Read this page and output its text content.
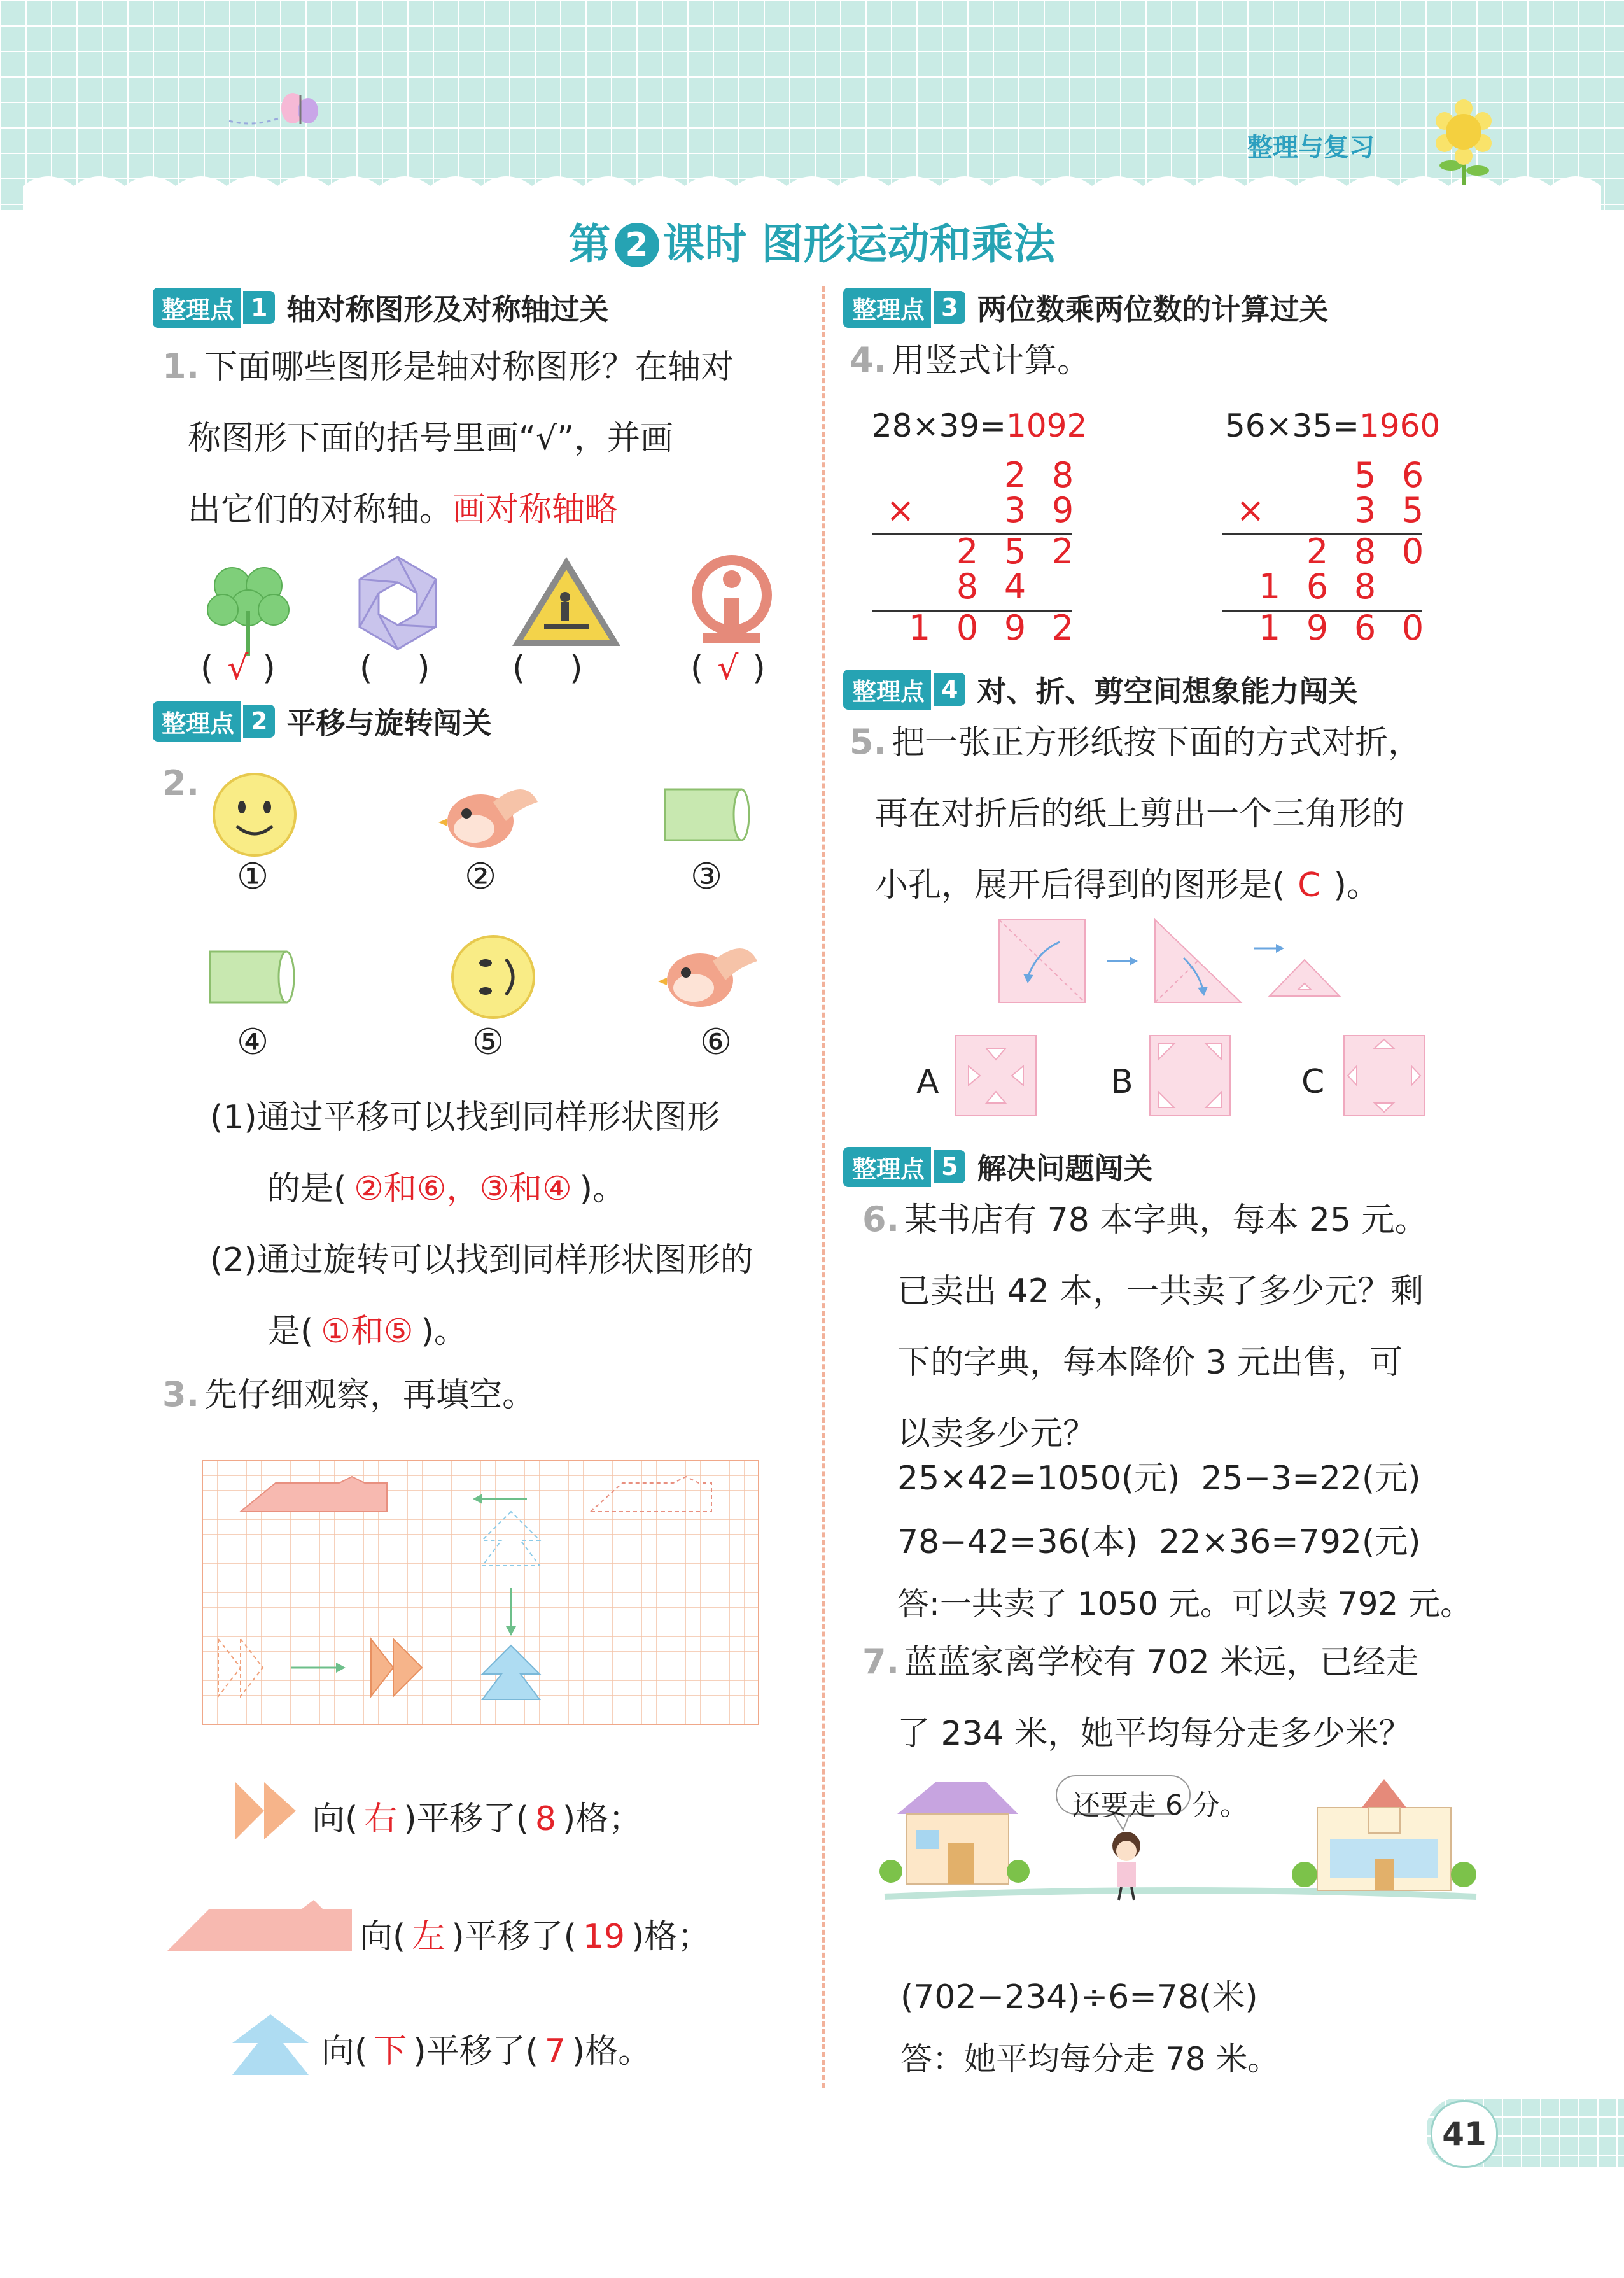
整理与复习
第 2 课时 图形运动和乘法
整理点 1 轴对称图形及对称轴过关
整理点 2 平移与旋转闯关
整理点 3 两位数乘两位数的计算过关
整理点 4 对、折、剪空间想象能力闯关
整理点 5 解决问题闯关
1. 下面哪些图形是轴对称图形？在轴对
称图形下面的括号里画“√”，并画
出它们的对称轴。画对称轴略
( √ )	( ) ( )	( √ )
2.
①	②	③
④	⑤	⑥
(1)通过平移可以找到同样形状图形
的是( ②和⑥，③和④ )。
(2)通过旋转可以找到同样形状图形的
是( ①和⑤ )。
3. 先仔细观察，再填空。
向( 右 )平移了( 8 )格；
向( 左 )平移了( 19 )格；
向( 下 )平移了( 7 )格。
4. 用竖式计算。
28×39=1092	56×35=1960
2 8
×	3 9
2 5 2
8 4
1 0 9 2
5 6
×	3 5
2 8 0
1 6 8
1 9 6 0
5. 把一张正方形纸按下面的方式对折，
再在对折后的纸上剪出一个三角形的
小孔，展开后得到的图形是( C )。
A	B	C
6. 某书店有 78 本字典，每本 25 元。
已卖出 42 本，一共卖了多少元？剩
下的字典，每本降价 3 元出售，可
以卖多少元？
25×42=1050(元)  25−3=22(元)
78−42=36(本)  22×36=792(元)
答:一共卖了 1050 元。可以卖 792 元。
7. 蓝蓝家离学校有 702 米远，已经走
了 234 米，她平均每分走多少米？
还要走 6 分。
(702−234)÷6=78(米)
答：她平均每分走 78 米。
41
